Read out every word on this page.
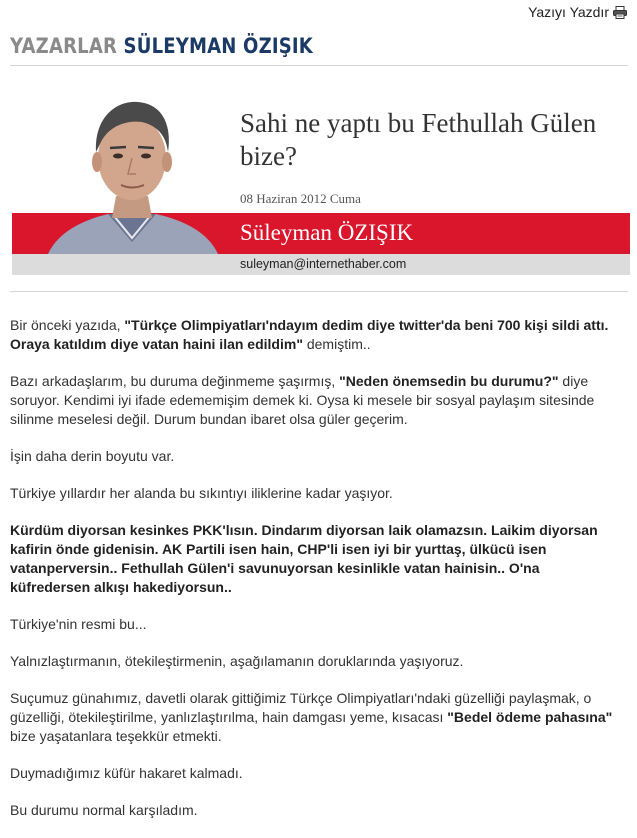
Yazıyı Yazdır
YAZARLAR SÜLEYMAN ÖZIŞIK
Sahi ne yaptı bu Fethullah Gülen bize?
08 Haziran 2012 Cuma
Süleyman ÖZIŞIK
suleyman@internethaber.com

Bir önceki yazıda, "Türkçe Olimpiyatları'ndayım dedim diye twitter'da beni 700 kişi sildi attı. Oraya katıldım diye vatan haini ilan edildim" demiştim..

Bazı arkadaşlarım, bu duruma değinmeme şaşırmış, "Neden önemsedin bu durumu?" diye soruyor. Kendimi iyi ifade edememişim demek ki. Oysa ki mesele bir sosyal paylaşım sitesinde silinme meselesi değil. Durum bundan ibaret olsa güler geçerim.

İşin daha derin boyutu var.

Türkiye yıllardır her alanda bu sıkıntıyı iliklerine kadar yaşıyor.

Kürdüm diyorsan kesinkes PKK'lısın. Dindarım diyorsan laik olamazsın. Laikim diyorsan kafirin önde gidenisin. AK Partili isen hain, CHP'li isen iyi bir yurttaş, ülkücü isen vatanperversin.. Fethullah Gülen'i savunuyorsan kesinlikle vatan hainisin.. O'na küfredersen alkışı hakediyorsun..

Türkiye'nin resmi bu...

Yalnızlaştırmanın, ötekileştirmenin, aşağılamanın doruklarında yaşıyoruz.

Suçumuz günahımız, davetli olarak gittiğimiz Türkçe Olimpiyatları'ndaki güzelliği paylaşmak, o güzelliği, ötekileştirilme, yanlızlaştırılma, hain damgası yeme, kısacası "Bedel ödeme pahasına" bize yaşatanlara teşekkür etmekti.

Duymadığımız küfür hakaret kalmadı.

Bu durumu normal karşıladım.
